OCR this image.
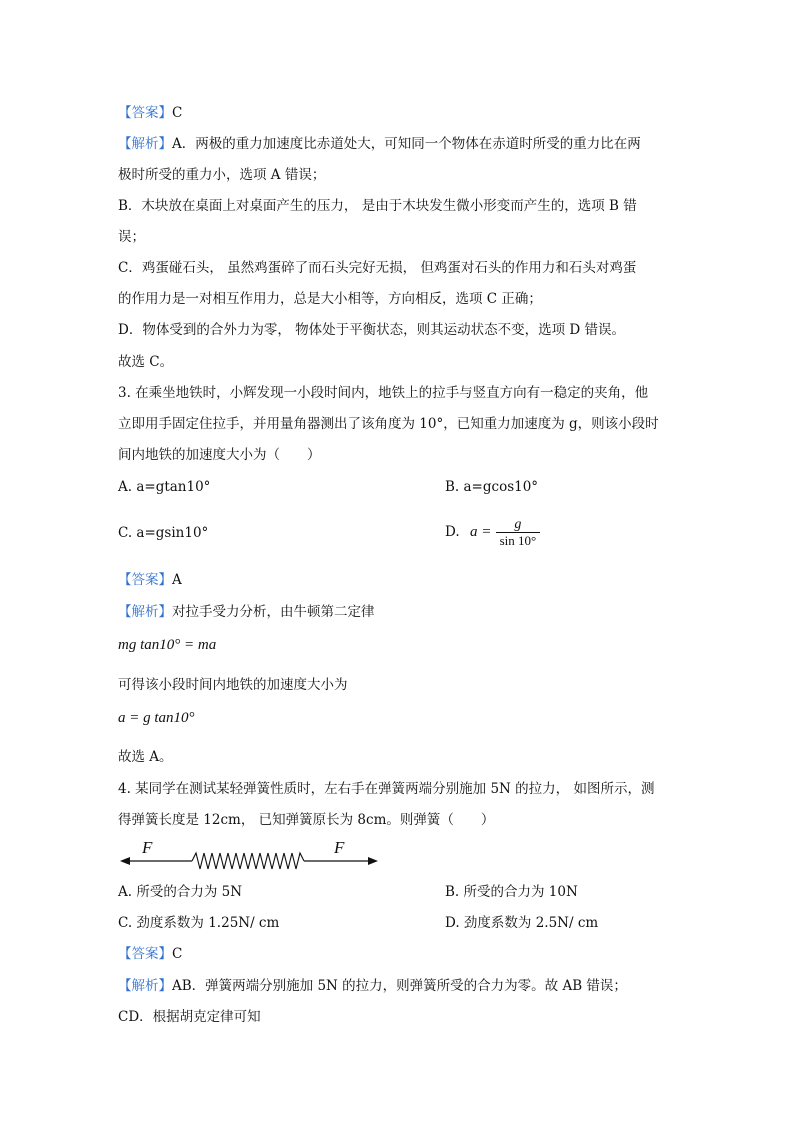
【答案】C
【解析】A．两极的重力加速度比赤道处大，可知同一个物体在赤道时所受的重力比在两
极时所受的重力小，选项 A 错误；
B．木块放在桌面上对桌面产生的压力， 是由于木块发生微小形变而产生的，选项 B 错
误；
C．鸡蛋碰石头， 虽然鸡蛋碎了而石头完好无损， 但鸡蛋对石头的作用力和石头对鸡蛋
的作用力是一对相互作用力，总是大小相等，方向相反，选项 C 正确；
D．物体受到的合外力为零， 物体处于平衡状态，则其运动状态不变，选项 D 错误。
故选 C。
3. 在乘坐地铁时，小辉发现一小段时间内，地铁上的拉手与竖直方向有一稳定的夹角，他
立即用手固定住拉手，并用量角器测出了该角度为 10°，已知重力加速度为 g，则该小段时
间内地铁的加速度大小为（　　）
A. a=gtan10°	B. a=gcos10°
C. a=gsin10°	D. $a = \frac{g}{\sin 10^\circ}$
【答案】A
【解析】对拉手受力分析，由牛顿第二定律
mg tan10° = ma
可得该小段时间内地铁的加速度大小为
a = g tan10°
故选 A。
4. 某同学在测试某轻弹簧性质时，左右手在弹簧两端分别施加 5N 的拉力， 如图所示，测
得弹簧长度是 12cm， 已知弹簧原长为 8cm。则弹簧（　　）
F	F
A. 所受的合力为 5N	B. 所受的合力为 10N
C. 劲度系数为 1.25N/ cm	D. 劲度系数为 2.5N/ cm
【答案】C
【解析】AB．弹簧两端分别施加 5N 的拉力，则弹簧所受的合力为零。故 AB 错误；
CD．根据胡克定律可知
